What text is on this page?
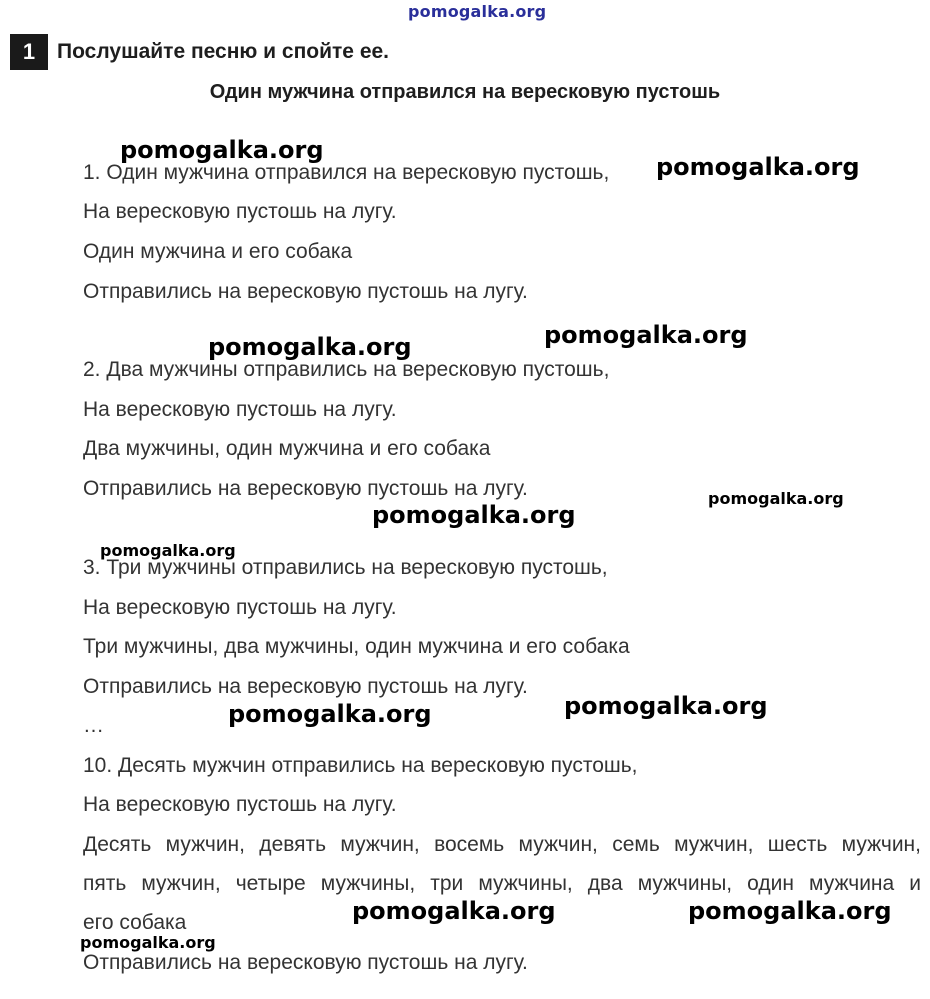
pomogalka.org
1	Послушайте песню и спойте ее.
Один мужчина отправился на вересковую пустошь
1. Один мужчина отправился на вересковую пустошь,
На вересковую пустошь на лугу.
Один мужчина и его собака
Отправились на вересковую пустошь на лугу.
2. Два мужчины отправились на вересковую пустошь,
На вересковую пустошь на лугу.
Два мужчины, один мужчина и его собака
Отправились на вересковую пустошь на лугу.
3. Три мужчины отправились на вересковую пустошь,
На вересковую пустошь на лугу.
Три мужчины, два мужчины, один мужчина и его собака
Отправились на вересковую пустошь на лугу.
…
10. Десять мужчин отправились на вересковую пустошь,
На вересковую пустошь на лугу.
Десять мужчин, девять мужчин, восемь мужчин, семь мужчин, шесть мужчин,
пять мужчин, четыре мужчины, три мужчины, два мужчины, один мужчина и
его собака
Отправились на вересковую пустошь на лугу.
pomogalka.org
pomogalka.org
pomogalka.org
pomogalka.org
pomogalka.org
pomogalka.org
pomogalka.org
pomogalka.org
pomogalka.org
pomogalka.org	pomogalka.org
pomogalka.org
